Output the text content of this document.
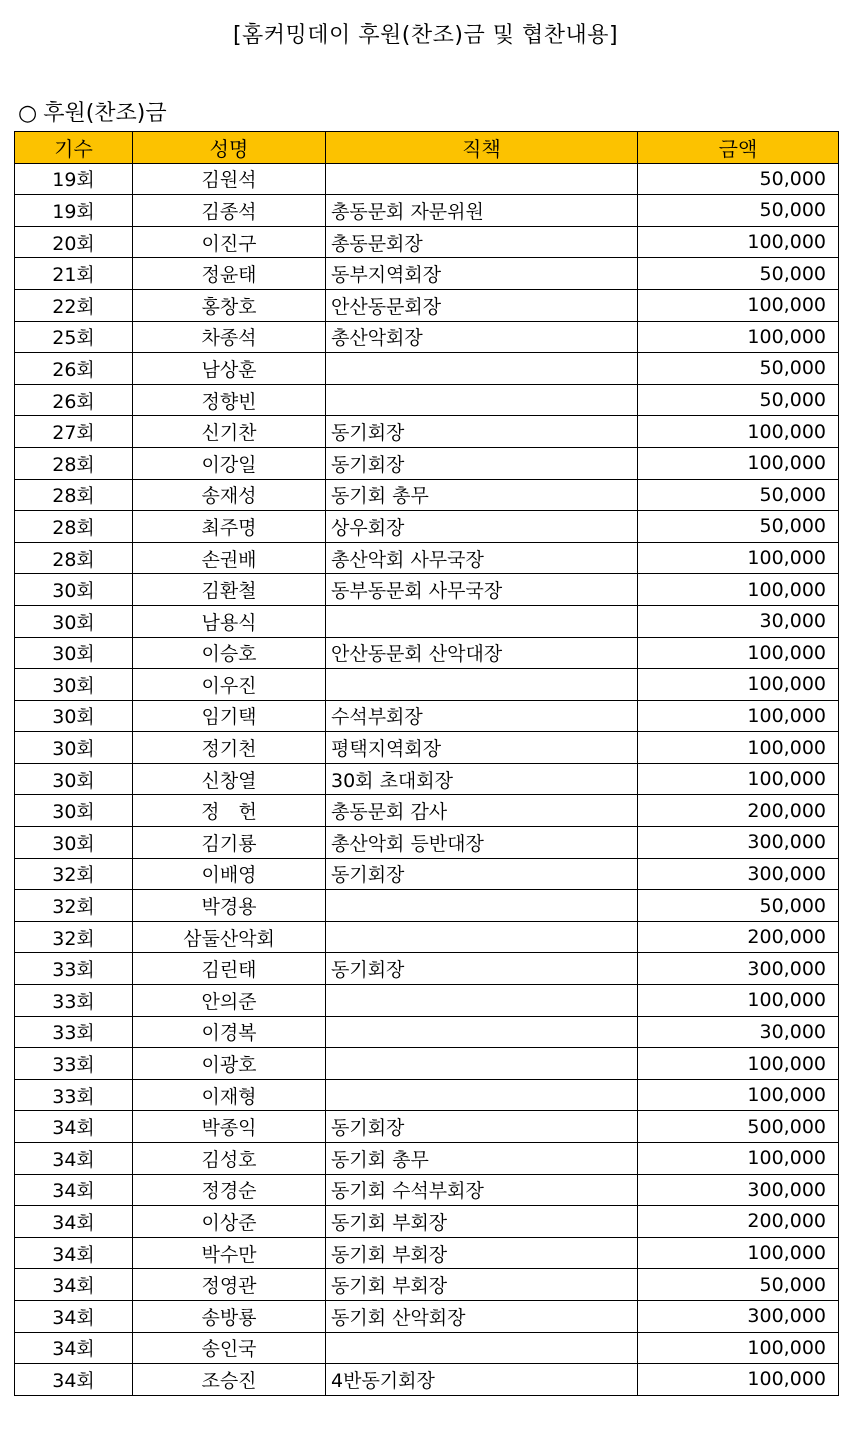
[홈커밍데이 후원(찬조)금 및 협찬내용]
○ 후원(찬조)금
기수	성명	직책	금액
19회	김원석		50,000
19회	김종석	총동문회 자문위원	50,000
20회	이진구	총동문회장	100,000
21회	정윤태	동부지역회장	50,000
22회	홍창호	안산동문회장	100,000
25회	차종석	총산악회장	100,000
26회	남상훈		50,000
26회	정향빈		50,000
27회	신기찬	동기회장	100,000
28회	이강일	동기회장	100,000
28회	송재성	동기회 총무	50,000
28회	최주명	상우회장	50,000
28회	손권배	총산악회 사무국장	100,000
30회	김환철	동부동문회 사무국장	100,000
30회	남용식		30,000
30회	이승호	안산동문회 산악대장	100,000
30회	이우진		100,000
30회	임기택	수석부회장	100,000
30회	정기천	평택지역회장	100,000
30회	신창열	30회 초대회장	100,000
30회	정　헌	총동문회 감사	200,000
30회	김기룡	총산악회 등반대장	300,000
32회	이배영	동기회장	300,000
32회	박경용		50,000
32회	삼둘산악회		200,000
33회	김린태	동기회장	300,000
33회	안의준		100,000
33회	이경복		30,000
33회	이광호		100,000
33회	이재형		100,000
34회	박종익	동기회장	500,000
34회	김성호	동기회 총무	100,000
34회	정경순	동기회 수석부회장	300,000
34회	이상준	동기회 부회장	200,000
34회	박수만	동기회 부회장	100,000
34회	정영관	동기회 부회장	50,000
34회	송방룡	동기회 산악회장	300,000
34회	송인국		100,000
34회	조승진	4반동기회장	100,000
